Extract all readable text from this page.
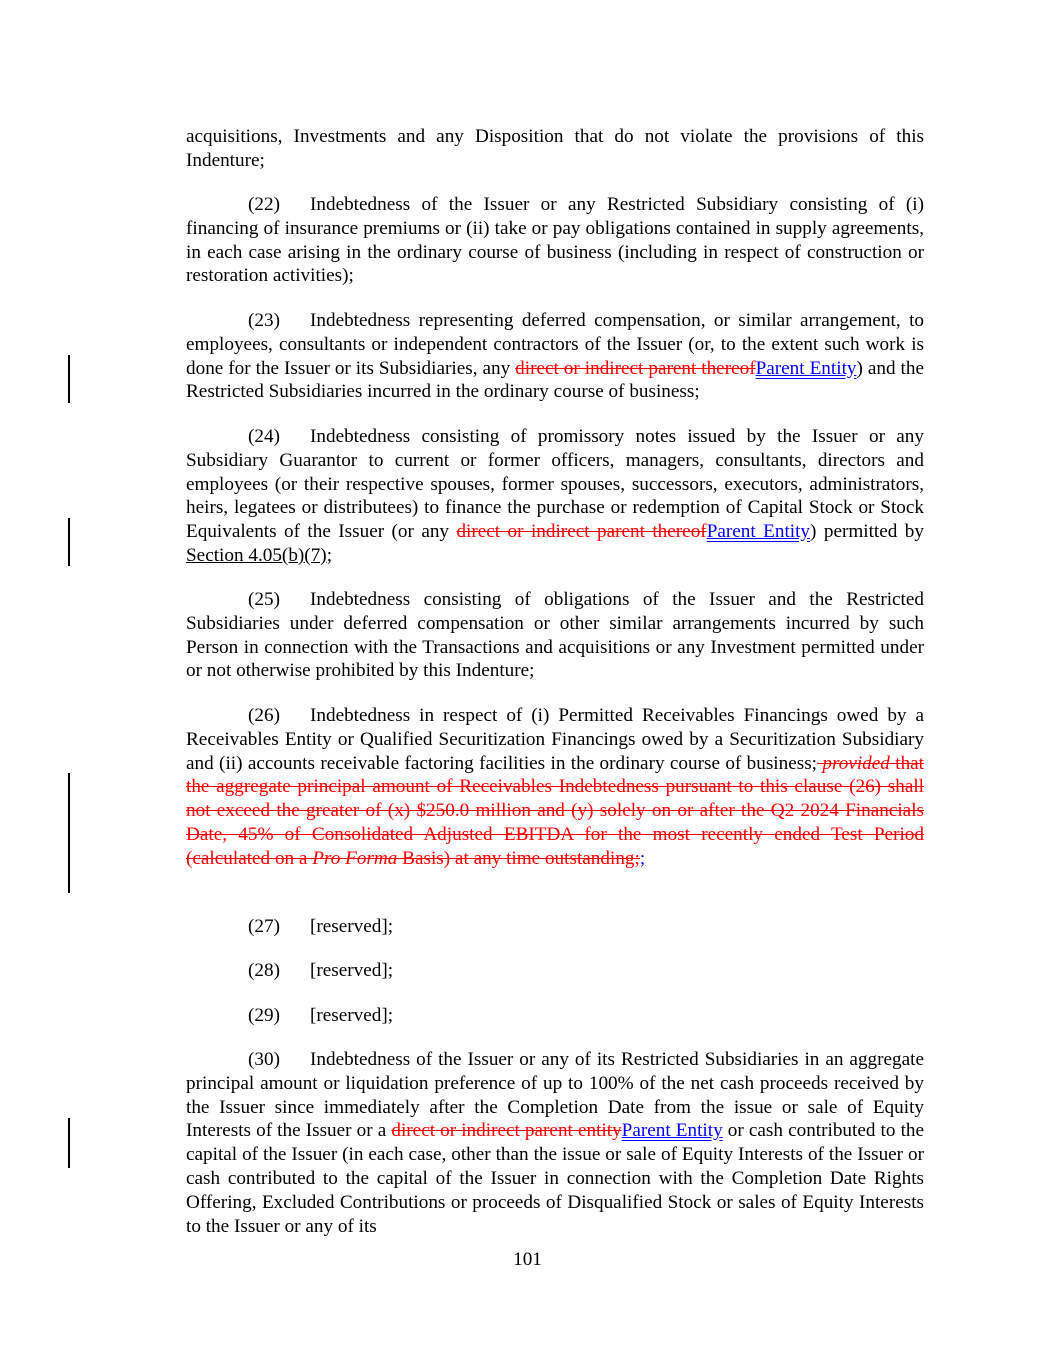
acquisitions, Investments and any Disposition that do not violate the provisions of this Indenture;

(22) Indebtedness of the Issuer or any Restricted Subsidiary consisting of (i) financing of insurance premiums or (ii) take or pay obligations contained in supply agreements, in each case arising in the ordinary course of business (including in respect of construction or restoration activities);

(23) Indebtedness representing deferred compensation, or similar arrangement, to employees, consultants or independent contractors of the Issuer (or, to the extent such work is done for the Issuer or its Subsidiaries, any direct or indirect parent thereofParent Entity) and the Restricted Subsidiaries incurred in the ordinary course of business;

(24) Indebtedness consisting of promissory notes issued by the Issuer or any Subsidiary Guarantor to current or former officers, managers, consultants, directors and employees (or their respective spouses, former spouses, successors, executors, administrators, heirs, legatees or distributees) to finance the purchase or redemption of Capital Stock or Stock Equivalents of the Issuer (or any direct or indirect parent thereofParent Entity) permitted by Section 4.05(b)(7);

(25) Indebtedness consisting of obligations of the Issuer and the Restricted Subsidiaries under deferred compensation or other similar arrangements incurred by such Person in connection with the Transactions and acquisitions or any Investment permitted under or not otherwise prohibited by this Indenture;

(26) Indebtedness in respect of (i) Permitted Receivables Financings owed by a Receivables Entity or Qualified Securitization Financings owed by a Securitization Subsidiary and (ii) accounts receivable factoring facilities in the ordinary course of business; provided that the aggregate principal amount of Receivables Indebtedness pursuant to this clause (26) shall not exceed the greater of (x) $250.0 million and (y) solely on or after the Q2 2024 Financials Date, 45% of Consolidated Adjusted EBITDA for the most recently ended Test Period (calculated on a Pro Forma Basis) at any time outstanding;;

(27) [reserved];

(28) [reserved];

(29) [reserved];

(30) Indebtedness of the Issuer or any of its Restricted Subsidiaries in an aggregate principal amount or liquidation preference of up to 100% of the net cash proceeds received by the Issuer since immediately after the Completion Date from the issue or sale of Equity Interests of the Issuer or a direct or indirect parent entityParent Entity or cash contributed to the capital of the Issuer (in each case, other than the issue or sale of Equity Interests of the Issuer or cash contributed to the capital of the Issuer in connection with the Completion Date Rights Offering, Excluded Contributions or proceeds of Disqualified Stock or sales of Equity Interests to the Issuer or any of its

101
